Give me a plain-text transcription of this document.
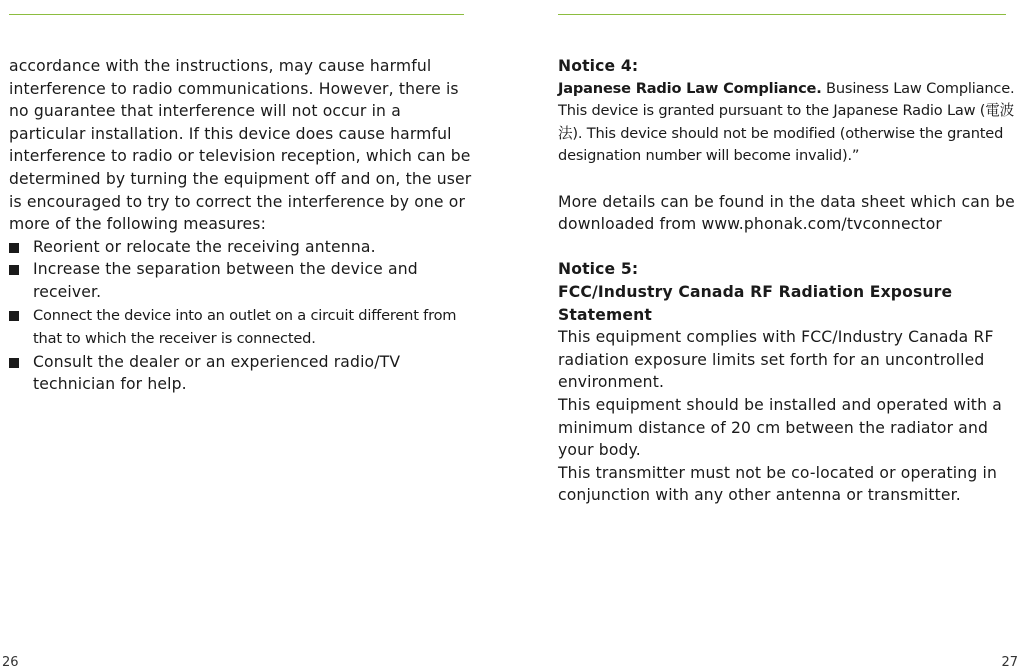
accordance with the instructions, may cause harmful interference to radio communications. However, there is no guarantee that interference will not occur in a particular installation. If this device does cause harmful interference to radio or television reception, which can be determined by turning the equipment off and on, the user is encouraged to try to correct the interference by one or more of the following measures:

Reorient or relocate the receiving antenna.
Increase the separation between the device and receiver.
Connect the device into an outlet on a circuit different from that to which the receiver is connected.
Consult the dealer or an experienced radio/TV technician for help.

Notice 4:

Japanese Radio Law Compliance. Business Law Compliance. This device is granted pursuant to the Japanese Radio Law (電波法). This device should not be modified (otherwise the granted designation number will become invalid).”

More details can be found in the data sheet which can be downloaded from www.phonak.com/tvconnector

Notice 5:

FCC/Industry Canada RF Radiation Exposure Statement

This equipment complies with FCC/Industry Canada RF radiation exposure limits set forth for an uncontrolled environment.

This equipment should be installed and operated with a minimum distance of 20 cm between the radiator and your body.

This transmitter must not be co-located or operating in conjunction with any other antenna or transmitter.

26	27
